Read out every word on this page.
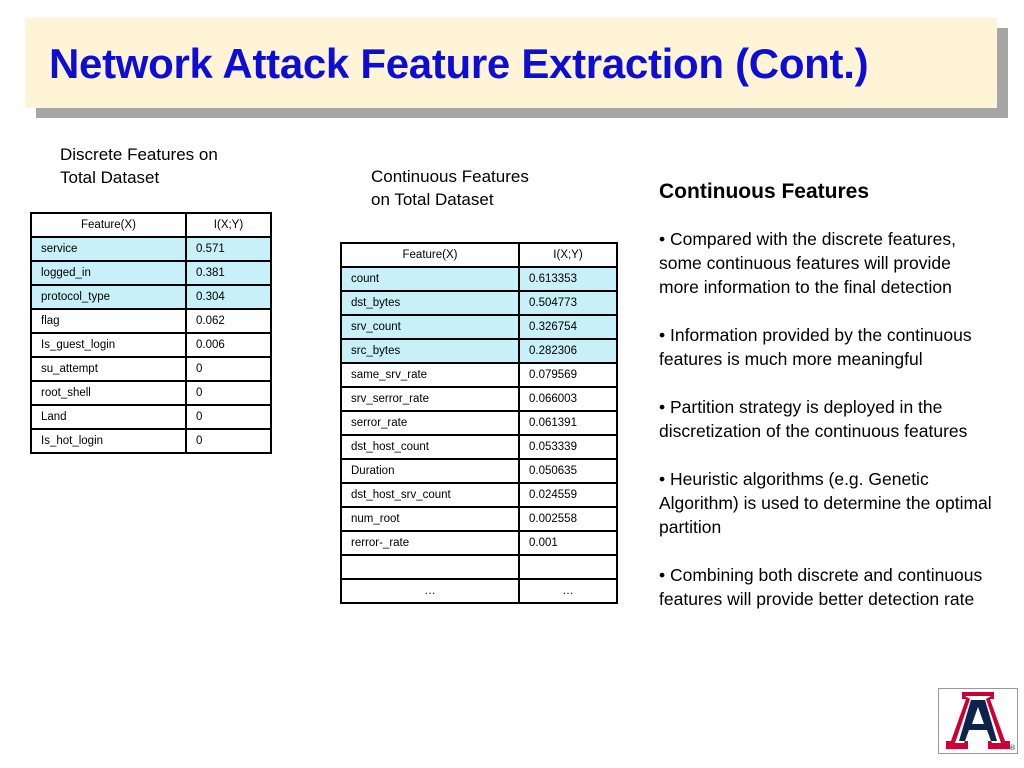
Network Attack Feature Extraction (Cont.)
Discrete Features on
Total Dataset
Feature(X)	I(X;Y)
service	0.571
logged_in	0.381
protocol_type	0.304
flag	0.062
Is_guest_login	0.006
su_attempt	0
root_shell	0
Land	0
Is_hot_login	0
Continuous Features
on Total Dataset
Feature(X)	I(X;Y)
count	0.613353
dst_bytes	0.504773
srv_count	0.326754
src_bytes	0.282306
same_srv_rate	0.079569
srv_serror_rate	0.066003
serror_rate	0.061391
dst_host_count	0.053339
Duration	0.050635
dst_host_srv_count	0.024559
num_root	0.002558
rerror-_rate	0.001

…	…
Continuous Features

• Compared with the discrete features, some continuous features will provide more information to the final detection

• Information provided by the continuous features is much more meaningful

• Partition strategy is deployed in the discretization of the continuous features

• Heuristic algorithms (e.g. Genetic Algorithm) is used to determine the optimal partition

• Combining both discrete and continuous features will provide better detection rate

®
